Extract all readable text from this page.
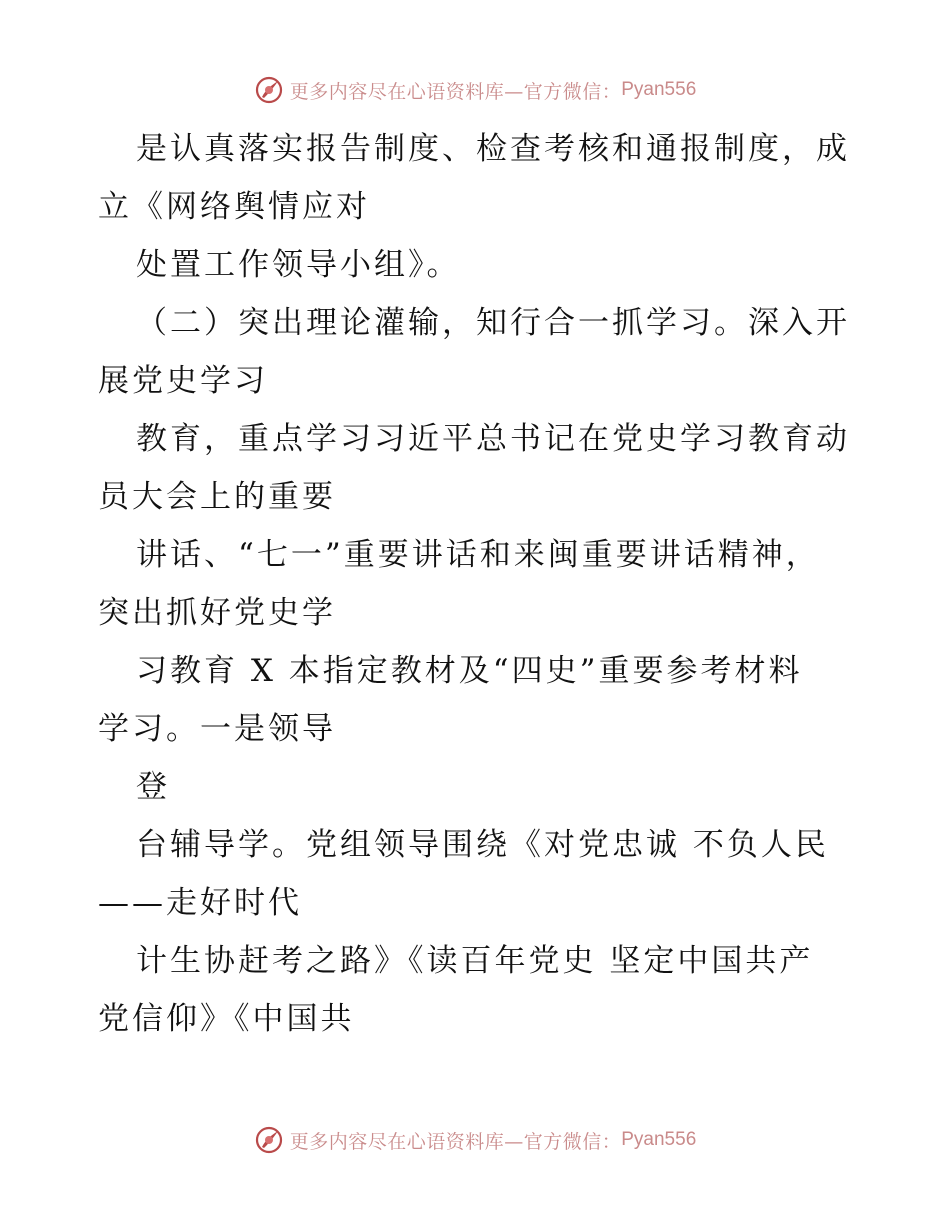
更多内容尽在心语资料库—官方微信： Pyan556
是认真落实报告制度、检查考核和通报制度，成
立《网络舆情应对
处置工作领导小组》。
（二）突出理论灌输，知行合一抓学习。深入开
展党史学习
教育，重点学习习近平总书记在党史学习教育动
员大会上的重要
讲话、“七一”重要讲话和来闽重要讲话精神，
突出抓好党史学
习教育 X 本指定教材及“四史”重要参考材料
学习。一是领导
登
台辅导学。党组领导围绕《对党忠诚 不负人民
——走好时代
计生协赶考之路》《读百年党史 坚定中国共产
党信仰》《中国共
更多内容尽在心语资料库—官方微信： Pyan556
